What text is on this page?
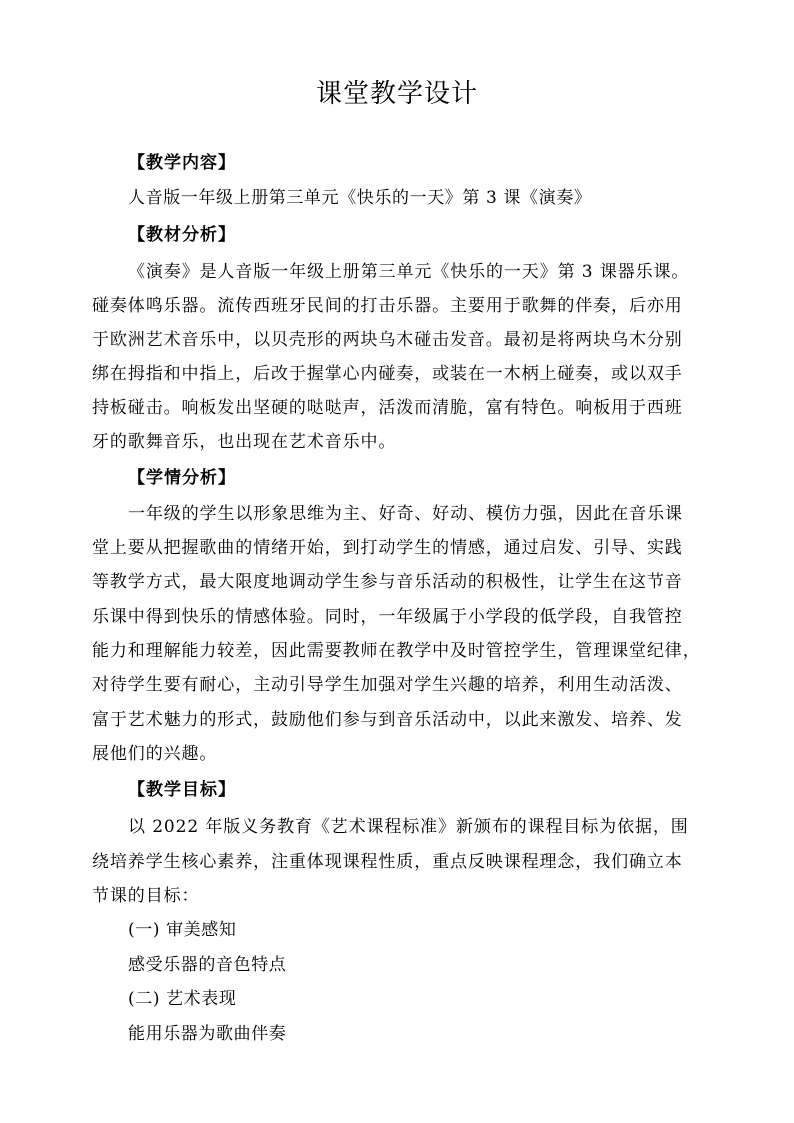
课堂教学设计
【教学内容】
人音版一年级上册第三单元《快乐的一天》第 3 课《演奏》
【教材分析】
《演奏》是人音版一年级上册第三单元《快乐的一天》第 3 课器乐课。
碰奏体鸣乐器。流传西班牙民间的打击乐器。主要用于歌舞的伴奏，后亦用
于欧洲艺术音乐中，以贝壳形的两块乌木碰击发音。最初是将两块乌木分别
绑在拇指和中指上，后改于握掌心内碰奏，或装在一木柄上碰奏，或以双手
持板碰击。响板发出坚硬的哒哒声，活泼而清脆，富有特色。响板用于西班
牙的歌舞音乐，也出现在艺术音乐中。
【学情分析】
一年级的学生以形象思维为主、好奇、好动、模仿力强，因此在音乐课
堂上要从把握歌曲的情绪开始，到打动学生的情感，通过启发、引导、实践
等教学方式，最大限度地调动学生参与音乐活动的积极性，让学生在这节音
乐课中得到快乐的情感体验。同时，一年级属于小学段的低学段，自我管控
能力和理解能力较差，因此需要教师在教学中及时管控学生，管理课堂纪律，
对待学生要有耐心，主动引导学生加强对学生兴趣的培养，利用生动活泼、
富于艺术魅力的形式，鼓励他们参与到音乐活动中，以此来激发、培养、发
展他们的兴趣。
【教学目标】
以 2022 年版义务教育《艺术课程标准》新颁布的课程目标为依据，围
绕培养学生核心素养，注重体现课程性质，重点反映课程理念，我们确立本
节课的目标：
(一) 审美感知
感受乐器的音色特点
(二) 艺术表现
能用乐器为歌曲伴奏
